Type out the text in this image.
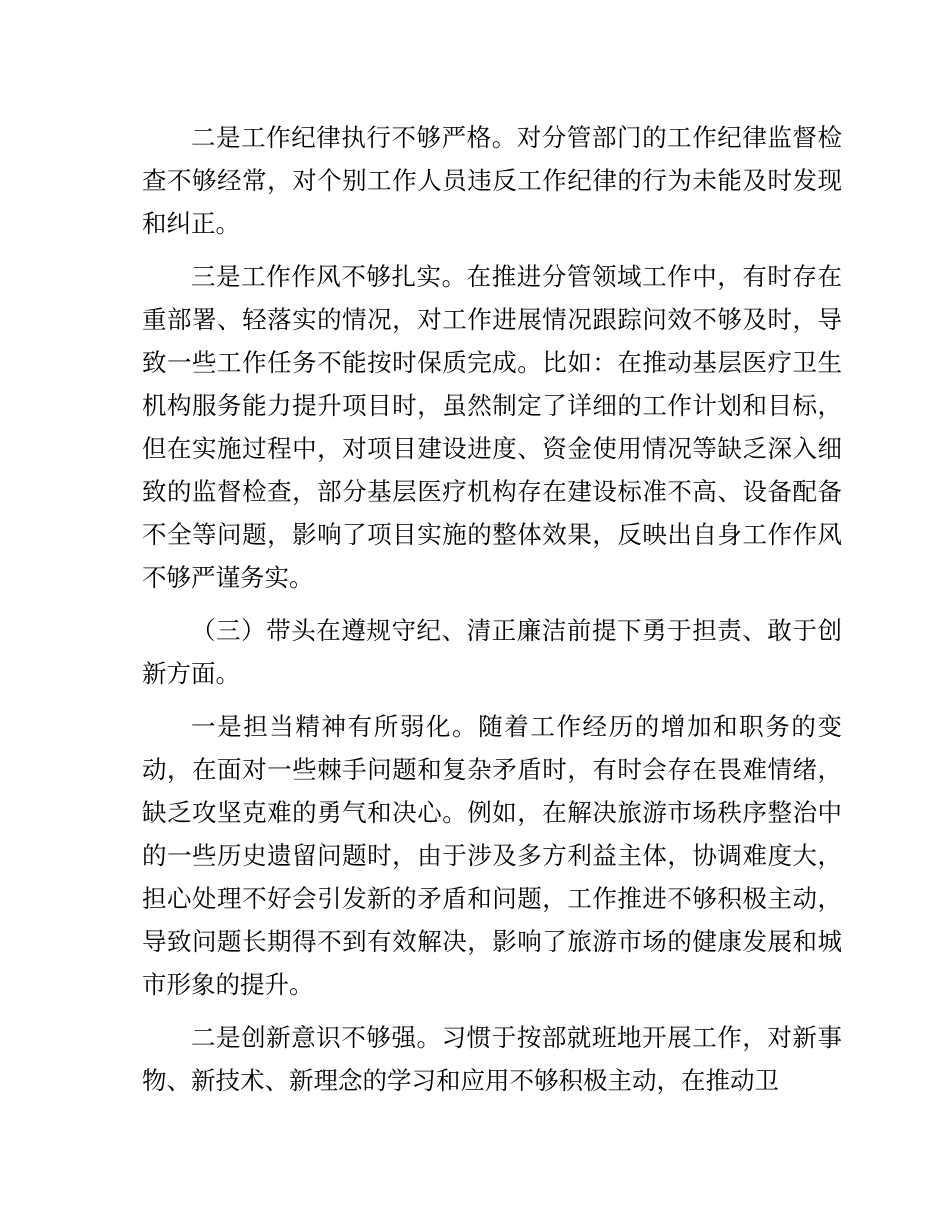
二是工作纪律执行不够严格。对分管部门的工作纪律监督检查不够经常，对个别工作人员违反工作纪律的行为未能及时发现和纠正。

三是工作作风不够扎实。在推进分管领域工作中，有时存在重部署、轻落实的情况，对工作进展情况跟踪问效不够及时，导致一些工作任务不能按时保质完成。比如：在推动基层医疗卫生机构服务能力提升项目时，虽然制定了详细的工作计划和目标，但在实施过程中，对项目建设进度、资金使用情况等缺乏深入细致的监督检查，部分基层医疗机构存在建设标准不高、设备配备不全等问题，影响了项目实施的整体效果，反映出自身工作作风不够严谨务实。

（三）带头在遵规守纪、清正廉洁前提下勇于担责、敢于创新方面。

一是担当精神有所弱化。随着工作经历的增加和职务的变动，在面对一些棘手问题和复杂矛盾时，有时会存在畏难情绪，缺乏攻坚克难的勇气和决心。例如，在解决旅游市场秩序整治中的一些历史遗留问题时，由于涉及多方利益主体，协调难度大，担心处理不好会引发新的矛盾和问题，工作推进不够积极主动，导致问题长期得不到有效解决，影响了旅游市场的健康发展和城市形象的提升。

二是创新意识不够强。习惯于按部就班地开展工作，对新事物、新技术、新理念的学习和应用不够积极主动，在推动卫
